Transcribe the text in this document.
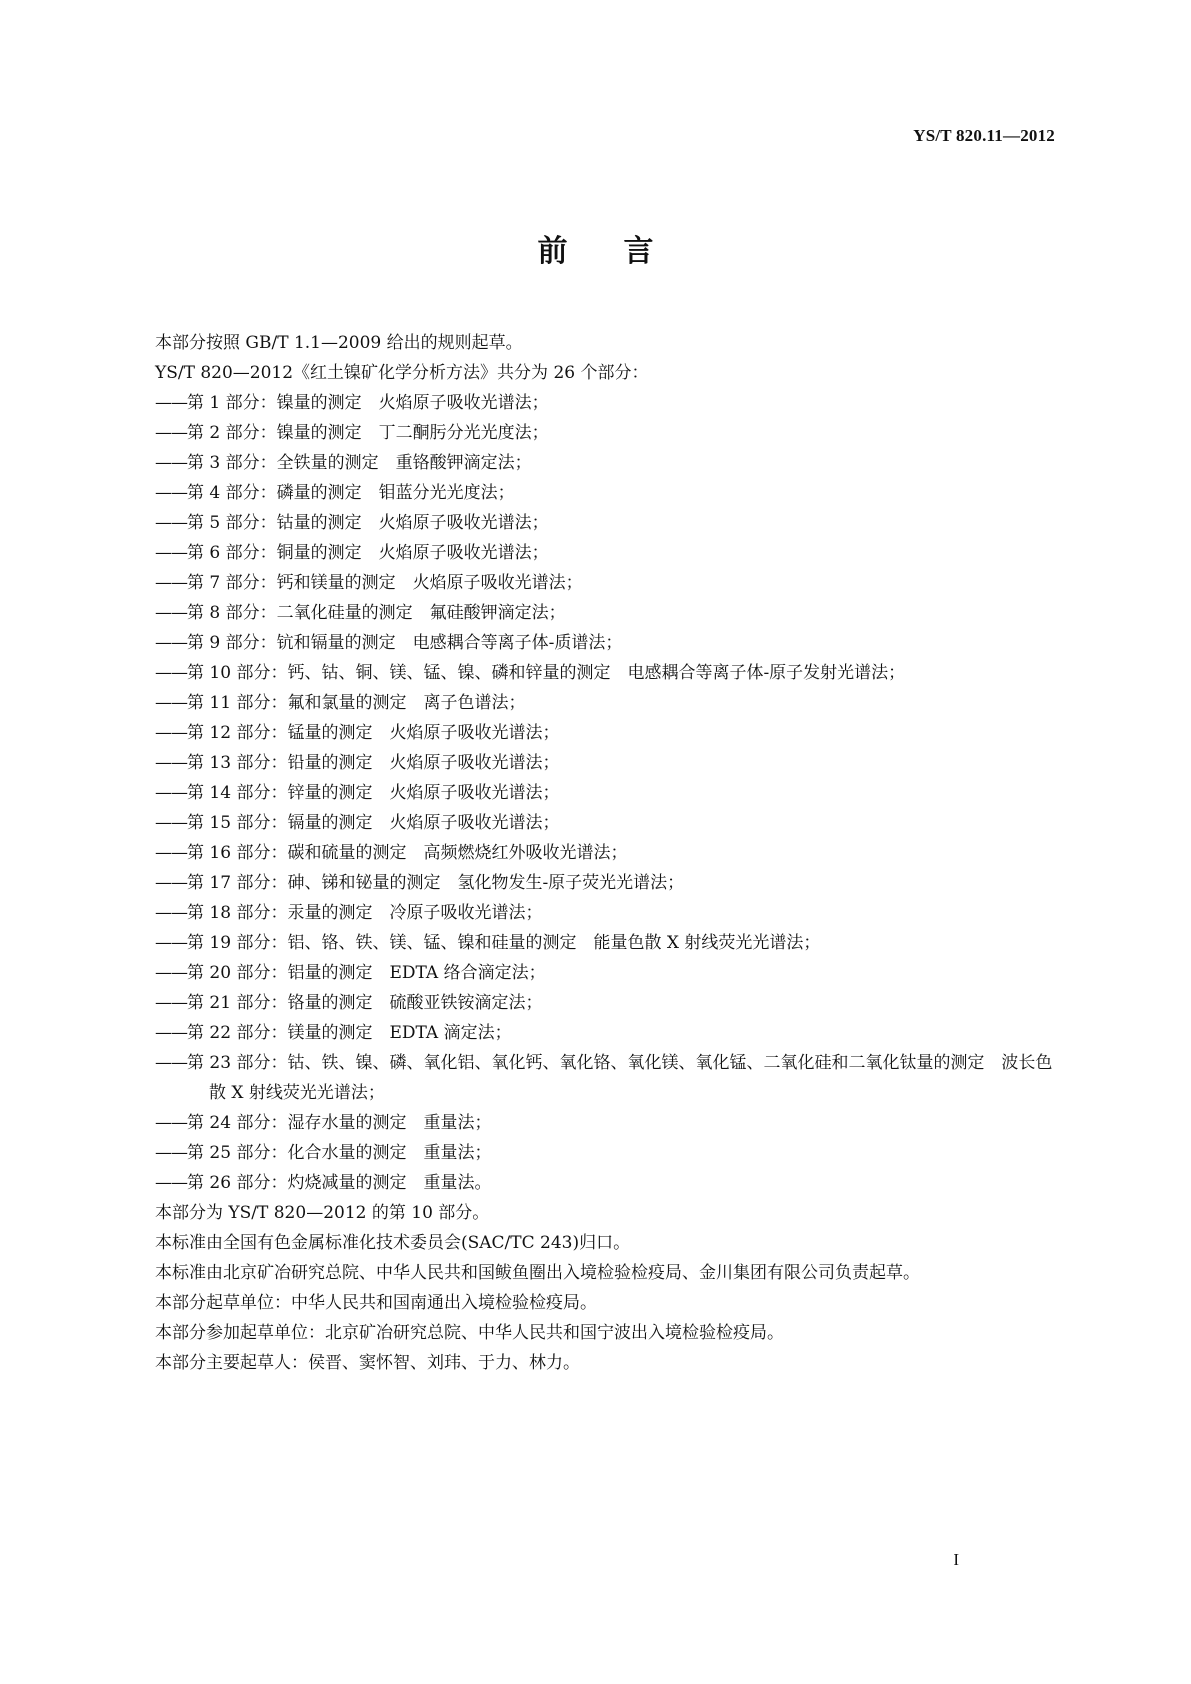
YS/T 820.11—2012
前言

本部分按照 GB/T 1.1—2009 给出的规则起草。

YS/T 820—2012《红土镍矿化学分析方法》共分为 26 个部分：

——第 1 部分：镍量的测定　火焰原子吸收光谱法；

——第 2 部分：镍量的测定　丁二酮肟分光光度法；

——第 3 部分：全铁量的测定　重铬酸钾滴定法；

——第 4 部分：磷量的测定　钼蓝分光光度法；

——第 5 部分：钴量的测定　火焰原子吸收光谱法；

——第 6 部分：铜量的测定　火焰原子吸收光谱法；

——第 7 部分：钙和镁量的测定　火焰原子吸收光谱法；

——第 8 部分：二氧化硅量的测定　氟硅酸钾滴定法；

——第 9 部分：钪和镉量的测定　电感耦合等离子体-质谱法；

——第 10 部分：钙、钴、铜、镁、锰、镍、磷和锌量的测定　电感耦合等离子体-原子发射光谱法；

——第 11 部分：氟和氯量的测定　离子色谱法；

——第 12 部分：锰量的测定　火焰原子吸收光谱法；

——第 13 部分：铅量的测定　火焰原子吸收光谱法；

——第 14 部分：锌量的测定　火焰原子吸收光谱法；

——第 15 部分：镉量的测定　火焰原子吸收光谱法；

——第 16 部分：碳和硫量的测定　高频燃烧红外吸收光谱法；

——第 17 部分：砷、锑和铋量的测定　氢化物发生-原子荧光光谱法；

——第 18 部分：汞量的测定　冷原子吸收光谱法；

——第 19 部分：铝、铬、铁、镁、锰、镍和硅量的测定　能量色散 X 射线荧光光谱法；

——第 20 部分：铝量的测定　EDTA 络合滴定法；

——第 21 部分：铬量的测定　硫酸亚铁铵滴定法；

——第 22 部分：镁量的测定　EDTA 滴定法；

——第 23 部分：钴、铁、镍、磷、氧化铝、氧化钙、氧化铬、氧化镁、氧化锰、二氧化硅和二氧化钛量的测定　波长色散 X 射线荧光光谱法；

——第 24 部分：湿存水量的测定　重量法；

——第 25 部分：化合水量的测定　重量法；

——第 26 部分：灼烧减量的测定　重量法。

本部分为 YS/T 820—2012 的第 10 部分。

本标准由全国有色金属标准化技术委员会(SAC/TC 243)归口。

本标准由北京矿冶研究总院、中华人民共和国鲅鱼圈出入境检验检疫局、金川集团有限公司负责起草。

本部分起草单位：中华人民共和国南通出入境检验检疫局。

本部分参加起草单位：北京矿冶研究总院、中华人民共和国宁波出入境检验检疫局。

本部分主要起草人：侯晋、窦怀智、刘玮、于力、林力。

I
